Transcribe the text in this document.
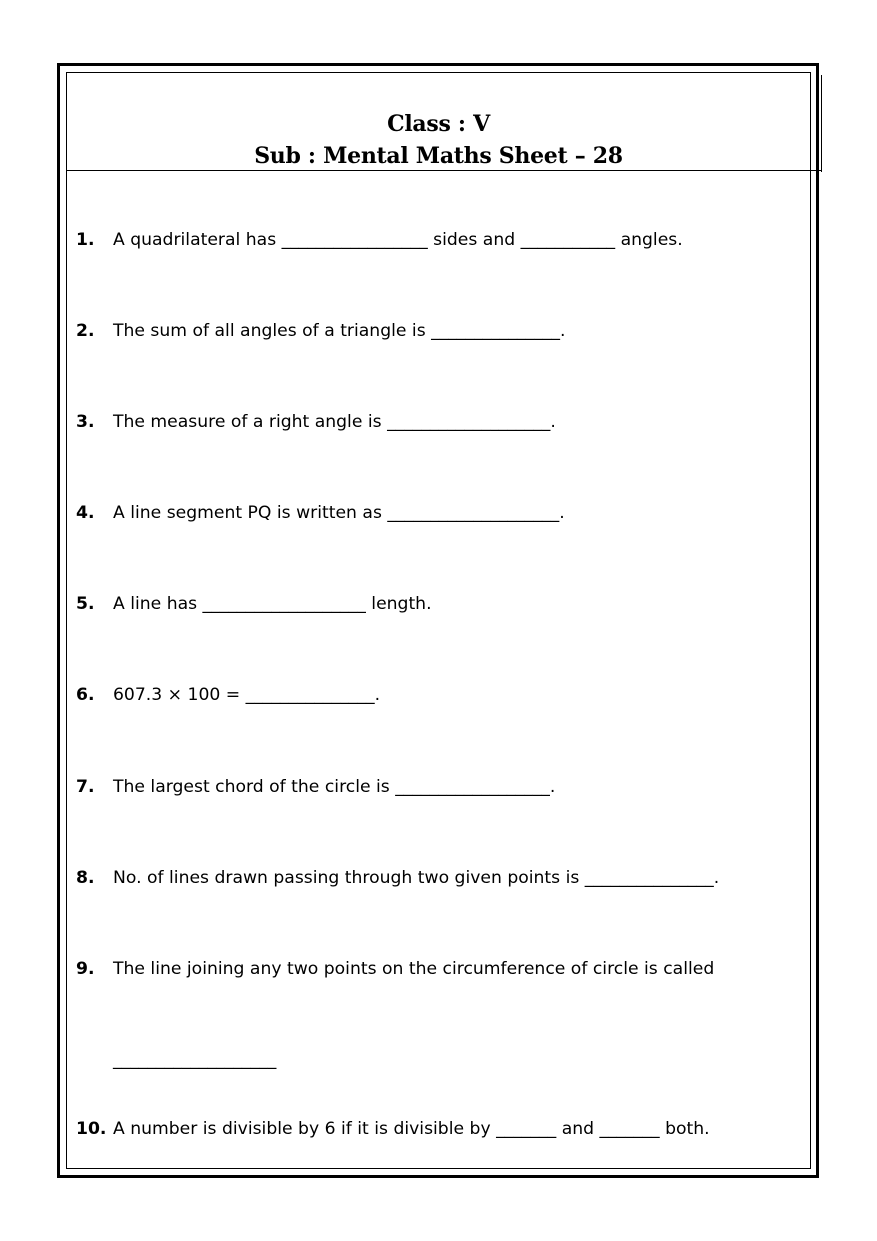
Class : V
Sub : Mental Maths Sheet – 28
1. A quadrilateral has _________________ sides and ___________ angles.
2. The sum of all angles of a triangle is _______________.
3. The measure of a right angle is ___________________.
4. A line segment PQ is written as ____________________.
5. A line has ___________________ length.
6. 607.3 × 100 = _______________.
7. The largest chord of the circle is __________________.
8. No. of lines drawn passing through two given points is _______________.
9. The line joining any two points on the circumference of circle is called
___________________
10. A number is divisible by 6 if it is divisible by _______ and _______ both.
